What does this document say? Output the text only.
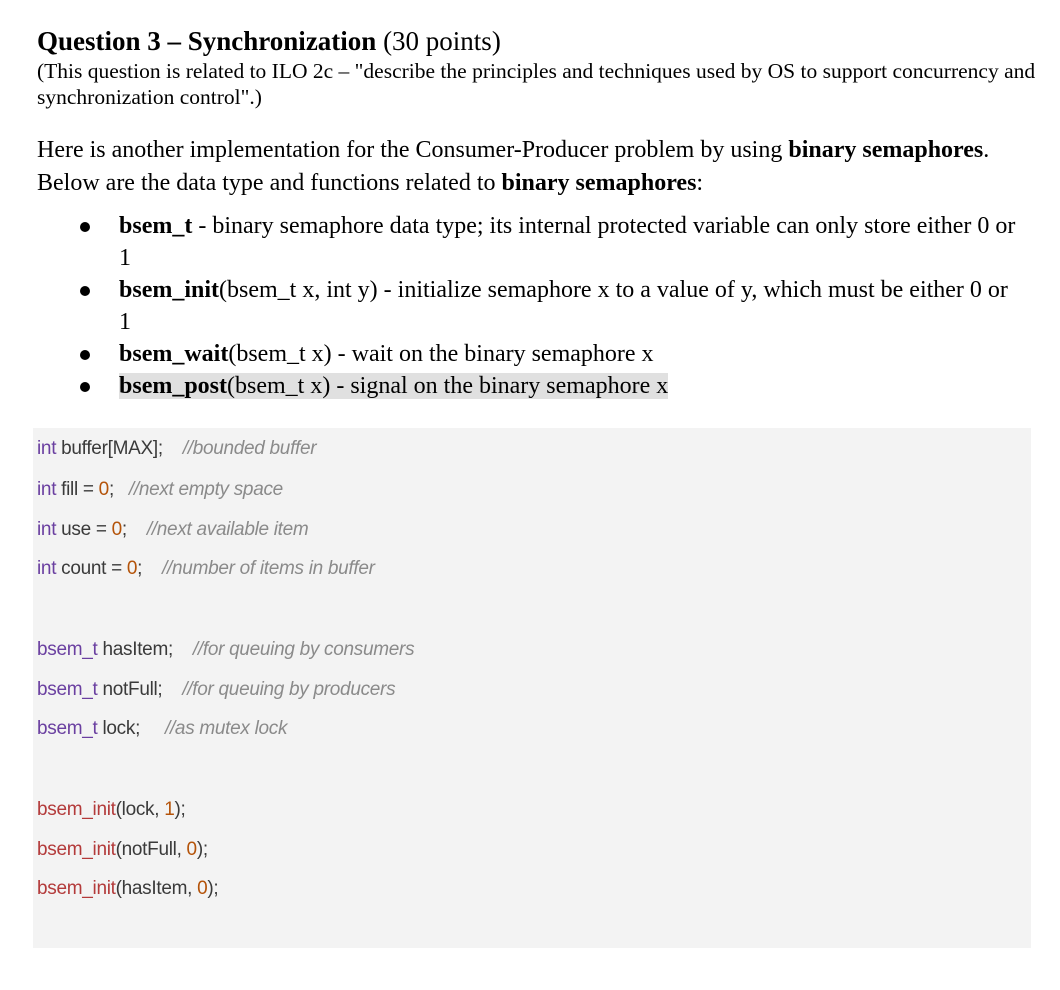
Question 3 – Synchronization (30 points)
(This question is related to ILO 2c – "describe the principles and techniques used by OS to support concurrency and synchronization control".)
Here is another implementation for the Consumer-Producer problem by using binary semaphores. Below are the data type and functions related to binary semaphores:
bsem_t - binary semaphore data type; its internal protected variable can only store either 0 or 1
bsem_init(bsem_t x, int y) - initialize semaphore x to a value of y, which must be either 0 or 1
bsem_wait(bsem_t x) - wait on the binary semaphore x
bsem_post(bsem_t x) - signal on the binary semaphore x
int buffer[MAX]; //bounded buffer
int fill = 0; //next empty space
int use = 0; //next available item
int count = 0; //number of items in buffer
bsem_t hasItem; //for queuing by consumers
bsem_t notFull; //for queuing by producers
bsem_t lock; //as mutex lock
bsem_init(lock, 1);
bsem_init(notFull, 0);
bsem_init(hasItem, 0);
